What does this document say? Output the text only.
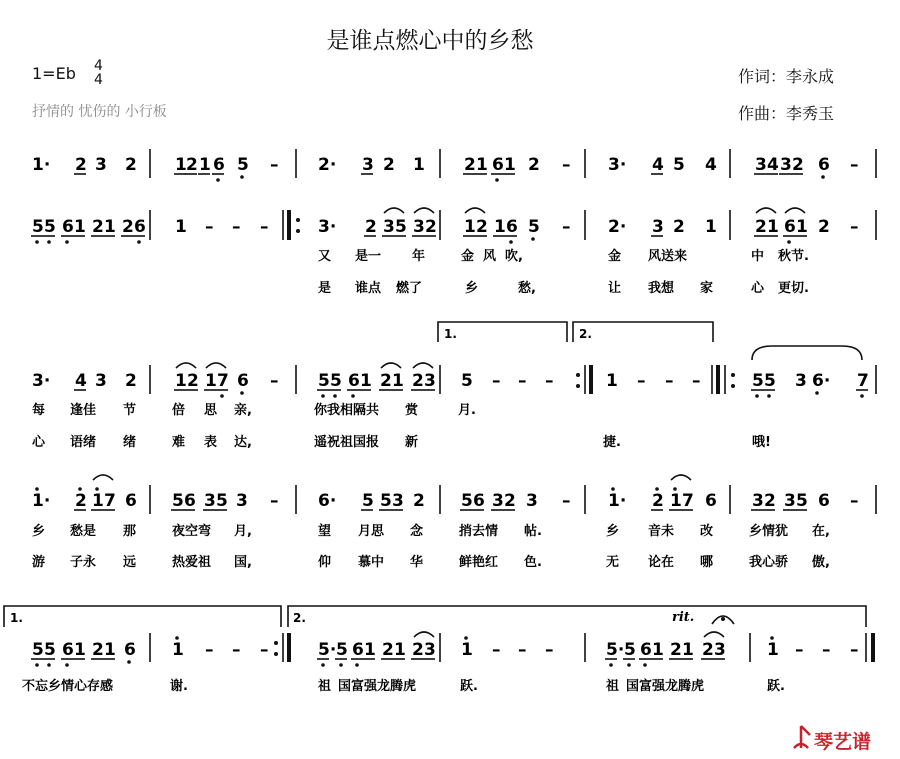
是谁点燃心中的乡愁
1=Eb 4
4
抒情的 忧伤的 小行板
作词：李永成
作曲：李秀玉
1.	2.
1.	2.	rit.
琴艺谱
1· 2 3 2 1 2 1 6 5 – 2· 3 2 1 2 1 6 1 2 – 3· 4 5 4 3 4 3 2 6 –
5 5 6 1 2 1 2 6 1 – – –	3· 2 3 5 3 2 1 2 1 6 5 – 2· 3 2 1 2 1 6 1 2 –
又 是一 年	金 风 吹,	金 风送来	中 秋节.
是 谁点 燃了	乡	愁,	让 我想 家	心 更切.
3· 4 3 2 1 2 1 7 6 – 5 5 6 1 2 1 2 3 5 – – –	1 – – –	5 5 3 6· 7
每 逢佳 节	倍 思 亲,	你我相隔共 赏	月.
心 语绪 绪	难 表 达,	遥祝祖国报 新	捷.	哦!
1· 2 1 7 6 5 6 3 5 3 – 6· 5 5 3 2 5 6 3 2 3 – 1· 2 1 7 6 3 2 3 5 6 –
乡 愁是 那	夜空弯 月,	望 月思 念	捎去情 帖.	乡 音未 改	乡情犹 在,
游 子永 远	热爱祖 国,	仰 慕中 华	鲜艳红 色.	无 论在 哪	我心骄 傲,
5 5 6 1 2 1 6 1 – – –	5· 5 6 1 2 1 2 3 1 – – –	5· 5 6 1 2 1 2 3 1 – – –
不忘乡情心存感	谢.	祖 国富强龙腾虎	跃.	祖 国富强龙腾虎	跃.
